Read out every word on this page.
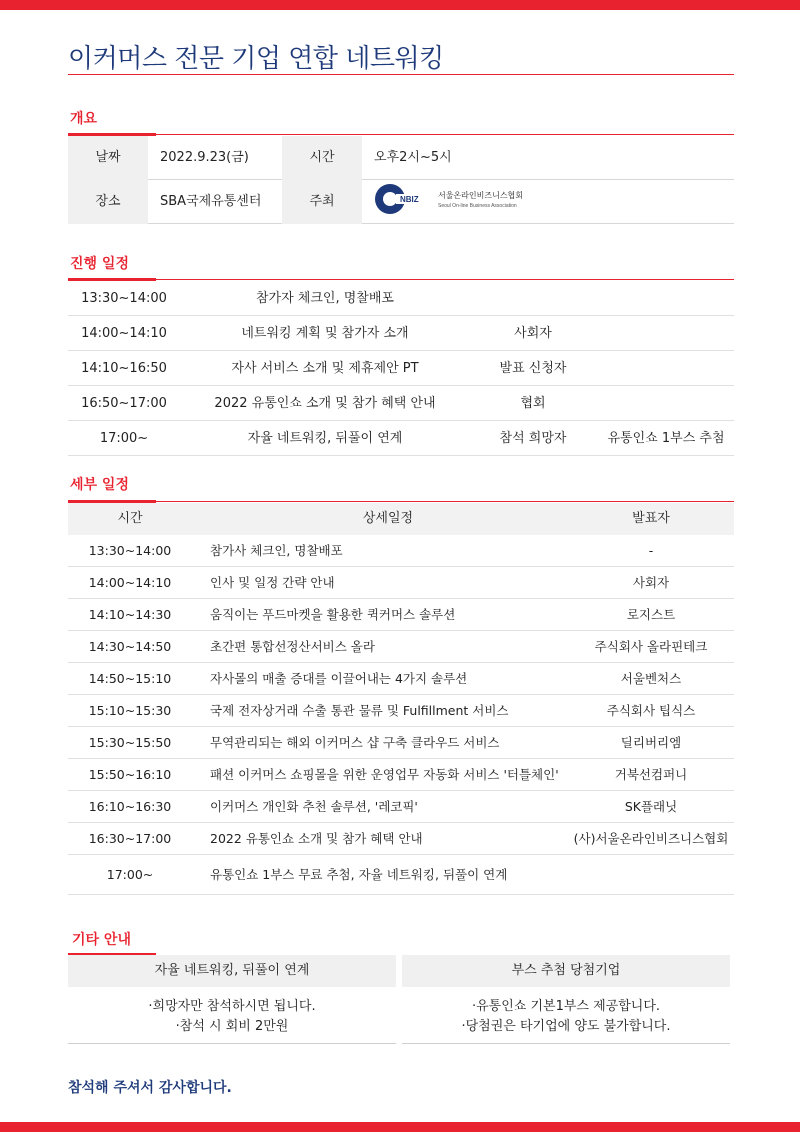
이커머스 전문 기업 연합 네트워킹
개요
날짜	2022.9.23(금)	시간	오후2시~5시
장소	SBA국제유통센터	주최	NBIZ 서울온라인비즈니스협회
Seoul On-line Business Association
진행 일정
13:30~14:00	참가자 체크인, 명찰배포
14:00~14:10	네트워킹 계획 및 참가자 소개	사회자
14:10~16:50	자사 서비스 소개 및 제휴제안 PT	발표 신청자
16:50~17:00	2022 유통인쇼 소개 및 참가 혜택 안내	협회
17:00~	자율 네트워킹, 뒤풀이 연계	참석 희망자	유통인쇼 1부스 추첨
세부 일정
시간	상세일정	발표자
13:30~14:00	참가사 체크인, 명찰배포	-
14:00~14:10	인사 및 일정 간략 안내	사회자
14:10~14:30	움직이는 푸드마켓을 활용한 퀵커머스 솔루션	로지스트
14:30~14:50	초간편 통합선정산서비스 올라	주식회사 올라핀테크
14:50~15:10	자사몰의 매출 증대를 이끌어내는 4가지 솔루션	서울벤처스
15:10~15:30	국제 전자상거래 수출 통관 물류 및 Fulfillment 서비스	주식회사 팁식스
15:30~15:50	무역관리되는 해외 이커머스 샵 구축 클라우드 서비스	딜리버리엠
15:50~16:10	패션 이커머스 쇼핑몰을 위한 운영업무 자동화 서비스 '터틀체인'	거북선컴퍼니
16:10~16:30	이커머스 개인화 추천 솔루션, '레코픽'	SK플래닛
16:30~17:00	2022 유통인쇼 소개 및 참가 혜택 안내	(사)서울온라인비즈니스협회
17:00~	유통인쇼 1부스 무료 추첨, 자율 네트워킹, 뒤풀이 연계
기타 안내
자율 네트워킹, 뒤풀이 연계
·희망자만 참석하시면 됩니다.
·참석 시 회비 2만원
부스 추첨 당첨기업
·유통인쇼 기본1부스 제공합니다.
·당첨권은 타기업에 양도 불가합니다.
참석해 주셔서 감사합니다.
